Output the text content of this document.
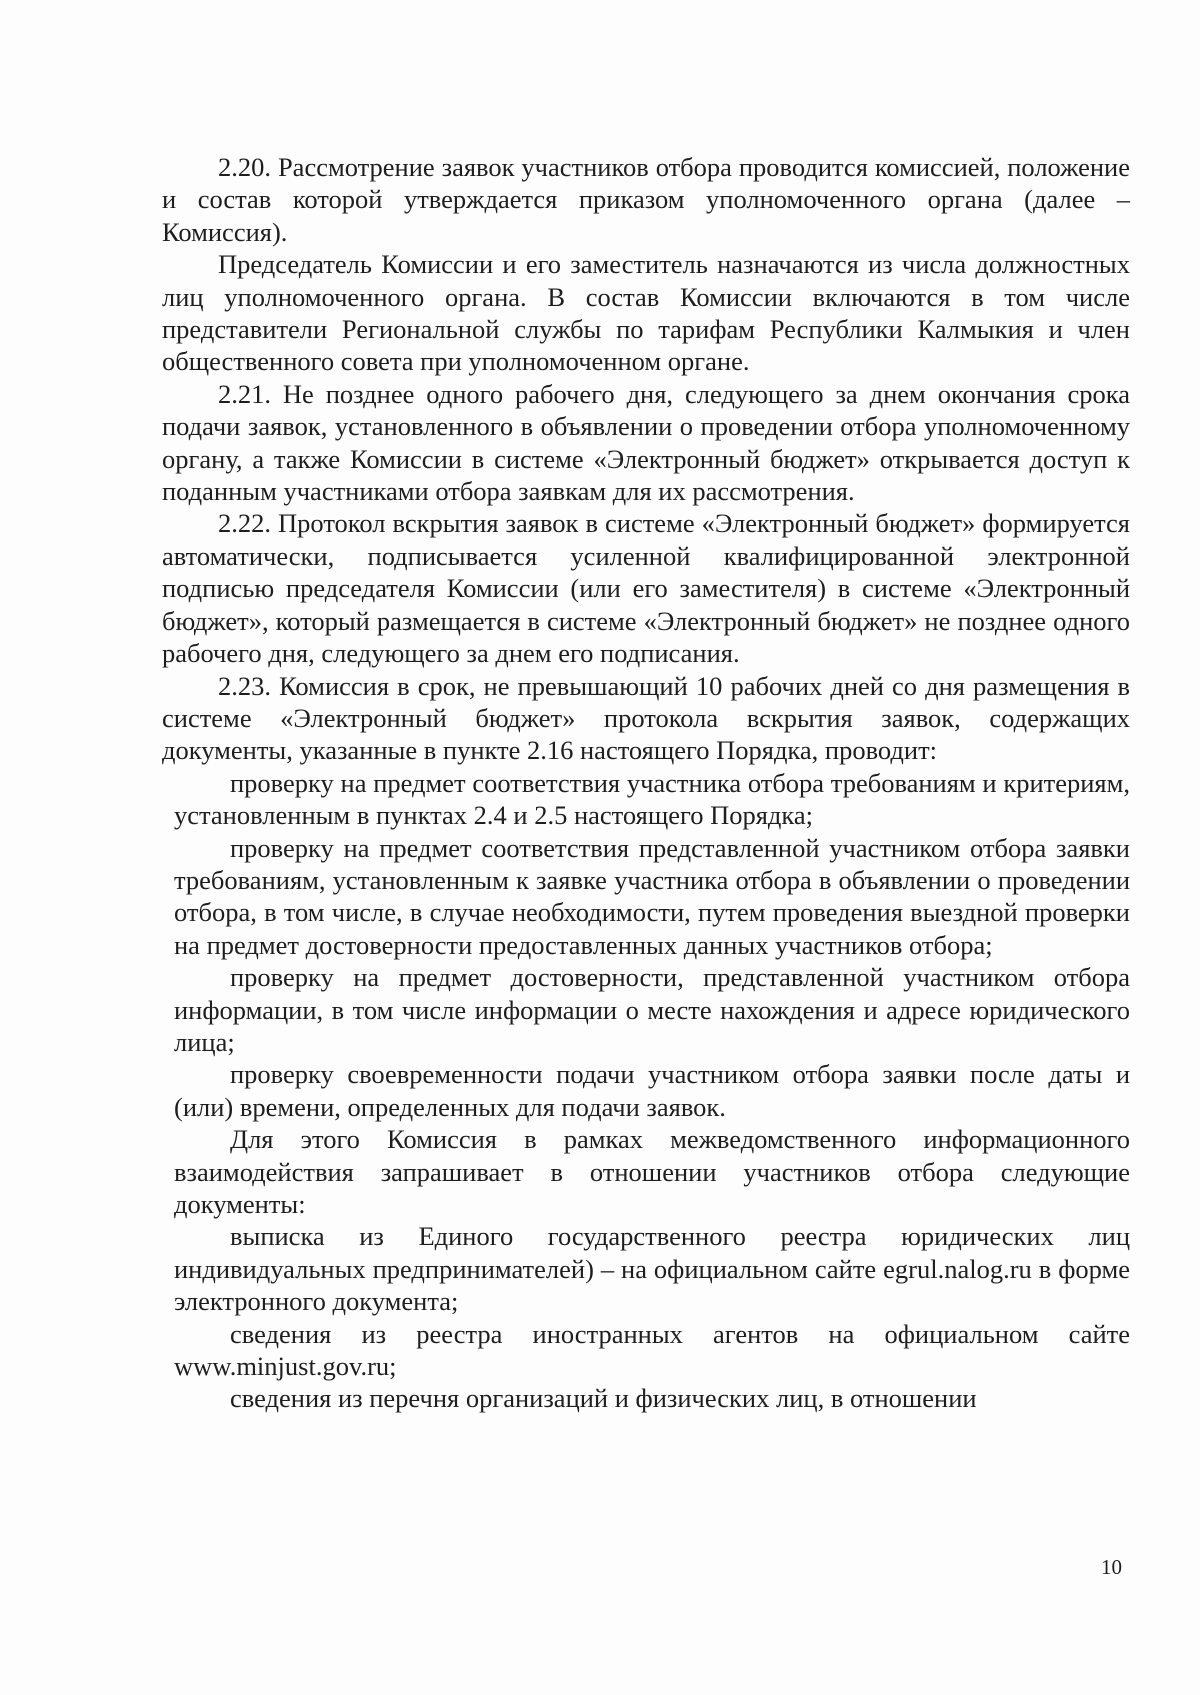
2.20. Рассмотрение заявок участников отбора проводится комиссией, положение и состав которой утверждается приказом уполномоченного органа (далее – Комиссия).

Председатель Комиссии и его заместитель назначаются из числа должностных лиц уполномоченного органа. В состав Комиссии включаются в том числе представители Региональной службы по тарифам Республики Калмыкия и член общественного совета при уполномоченном органе.

2.21. Не позднее одного рабочего дня, следующего за днем окончания срока подачи заявок, установленного в объявлении о проведении отбора уполномоченному органу, а также Комиссии в системе «Электронный бюджет» открывается доступ к поданным участниками отбора заявкам для их рассмотрения.

2.22. Протокол вскрытия заявок в системе «Электронный бюджет» формируется автоматически, подписывается усиленной квалифицированной электронной подписью председателя Комиссии (или его заместителя) в системе «Электронный бюджет», который размещается в системе «Электронный бюджет» не позднее одного рабочего дня, следующего за днем его подписания.

2.23. Комиссия в срок, не превышающий 10 рабочих дней со дня размещения в системе «Электронный бюджет» протокола вскрытия заявок, содержащих документы, указанные в пункте 2.16 настоящего Порядка, проводит:

проверку на предмет соответствия участника отбора требованиям и критериям, установленным в пунктах 2.4 и 2.5 настоящего Порядка;

проверку на предмет соответствия представленной участником отбора заявки требованиям, установленным к заявке участника отбора в объявлении о проведении отбора, в том числе, в случае необходимости, путем проведения выездной проверки на предмет достоверности предоставленных данных участников отбора;

проверку на предмет достоверности, представленной участником отбора информации, в том числе информации о месте нахождения и адресе юридического лица;

проверку своевременности подачи участником отбора заявки после даты и (или) времени, определенных для подачи заявок.

Для этого Комиссия в рамках межведомственного информационного взаимодействия запрашивает в отношении участников отбора следующие документы:

выписка из Единого государственного реестра юридических лиц индивидуальных предпринимателей) – на официальном сайте egrul.nalog.ru в форме электронного документа;

сведения из реестра иностранных агентов на официальном сайте www.minjust.gov.ru;

сведения из перечня организаций и физических лиц, в отношении

10
